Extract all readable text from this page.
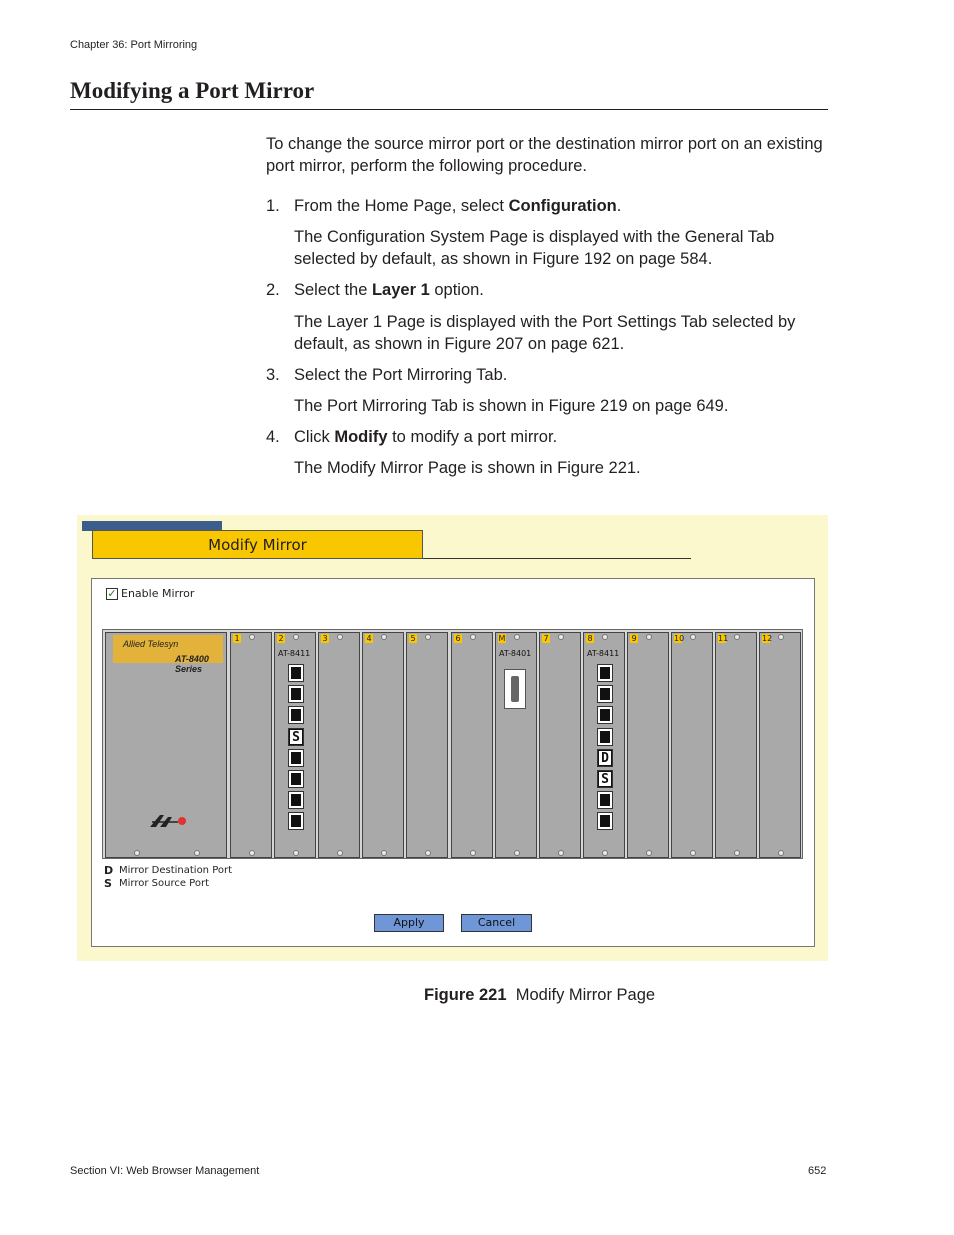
Chapter 36: Port Mirroring
Modifying a Port Mirror

To change the source mirror port or the destination mirror port on an existing port mirror, perform the following procedure.

1. From the Home Page, select Configuration.

The Configuration System Page is displayed with the General Tab selected by default, as shown in Figure 192 on page 584.

2. Select the Layer 1 option.

The Layer 1 Page is displayed with the Port Settings Tab selected by default, as shown in Figure 207 on page 621.

3. Select the Port Mirroring Tab.

The Port Mirroring Tab is shown in Figure 219 on page 649.

4. Click Modify to modify a port mirror.

The Modify Mirror Page is shown in Figure 221.

Modify Mirror
✓ Enable Mirror
Allied Telesyn
AT-8400 Series
1	2
AT-8411
S
3	4	5	6	M
AT-8401
7	8
AT-8411
D
S
9	10	11	12
D Mirror Destination Port
S Mirror Source Port
Apply	Cancel
Figure 221 Modify Mirror Page
Section VI: Web Browser Management	652
